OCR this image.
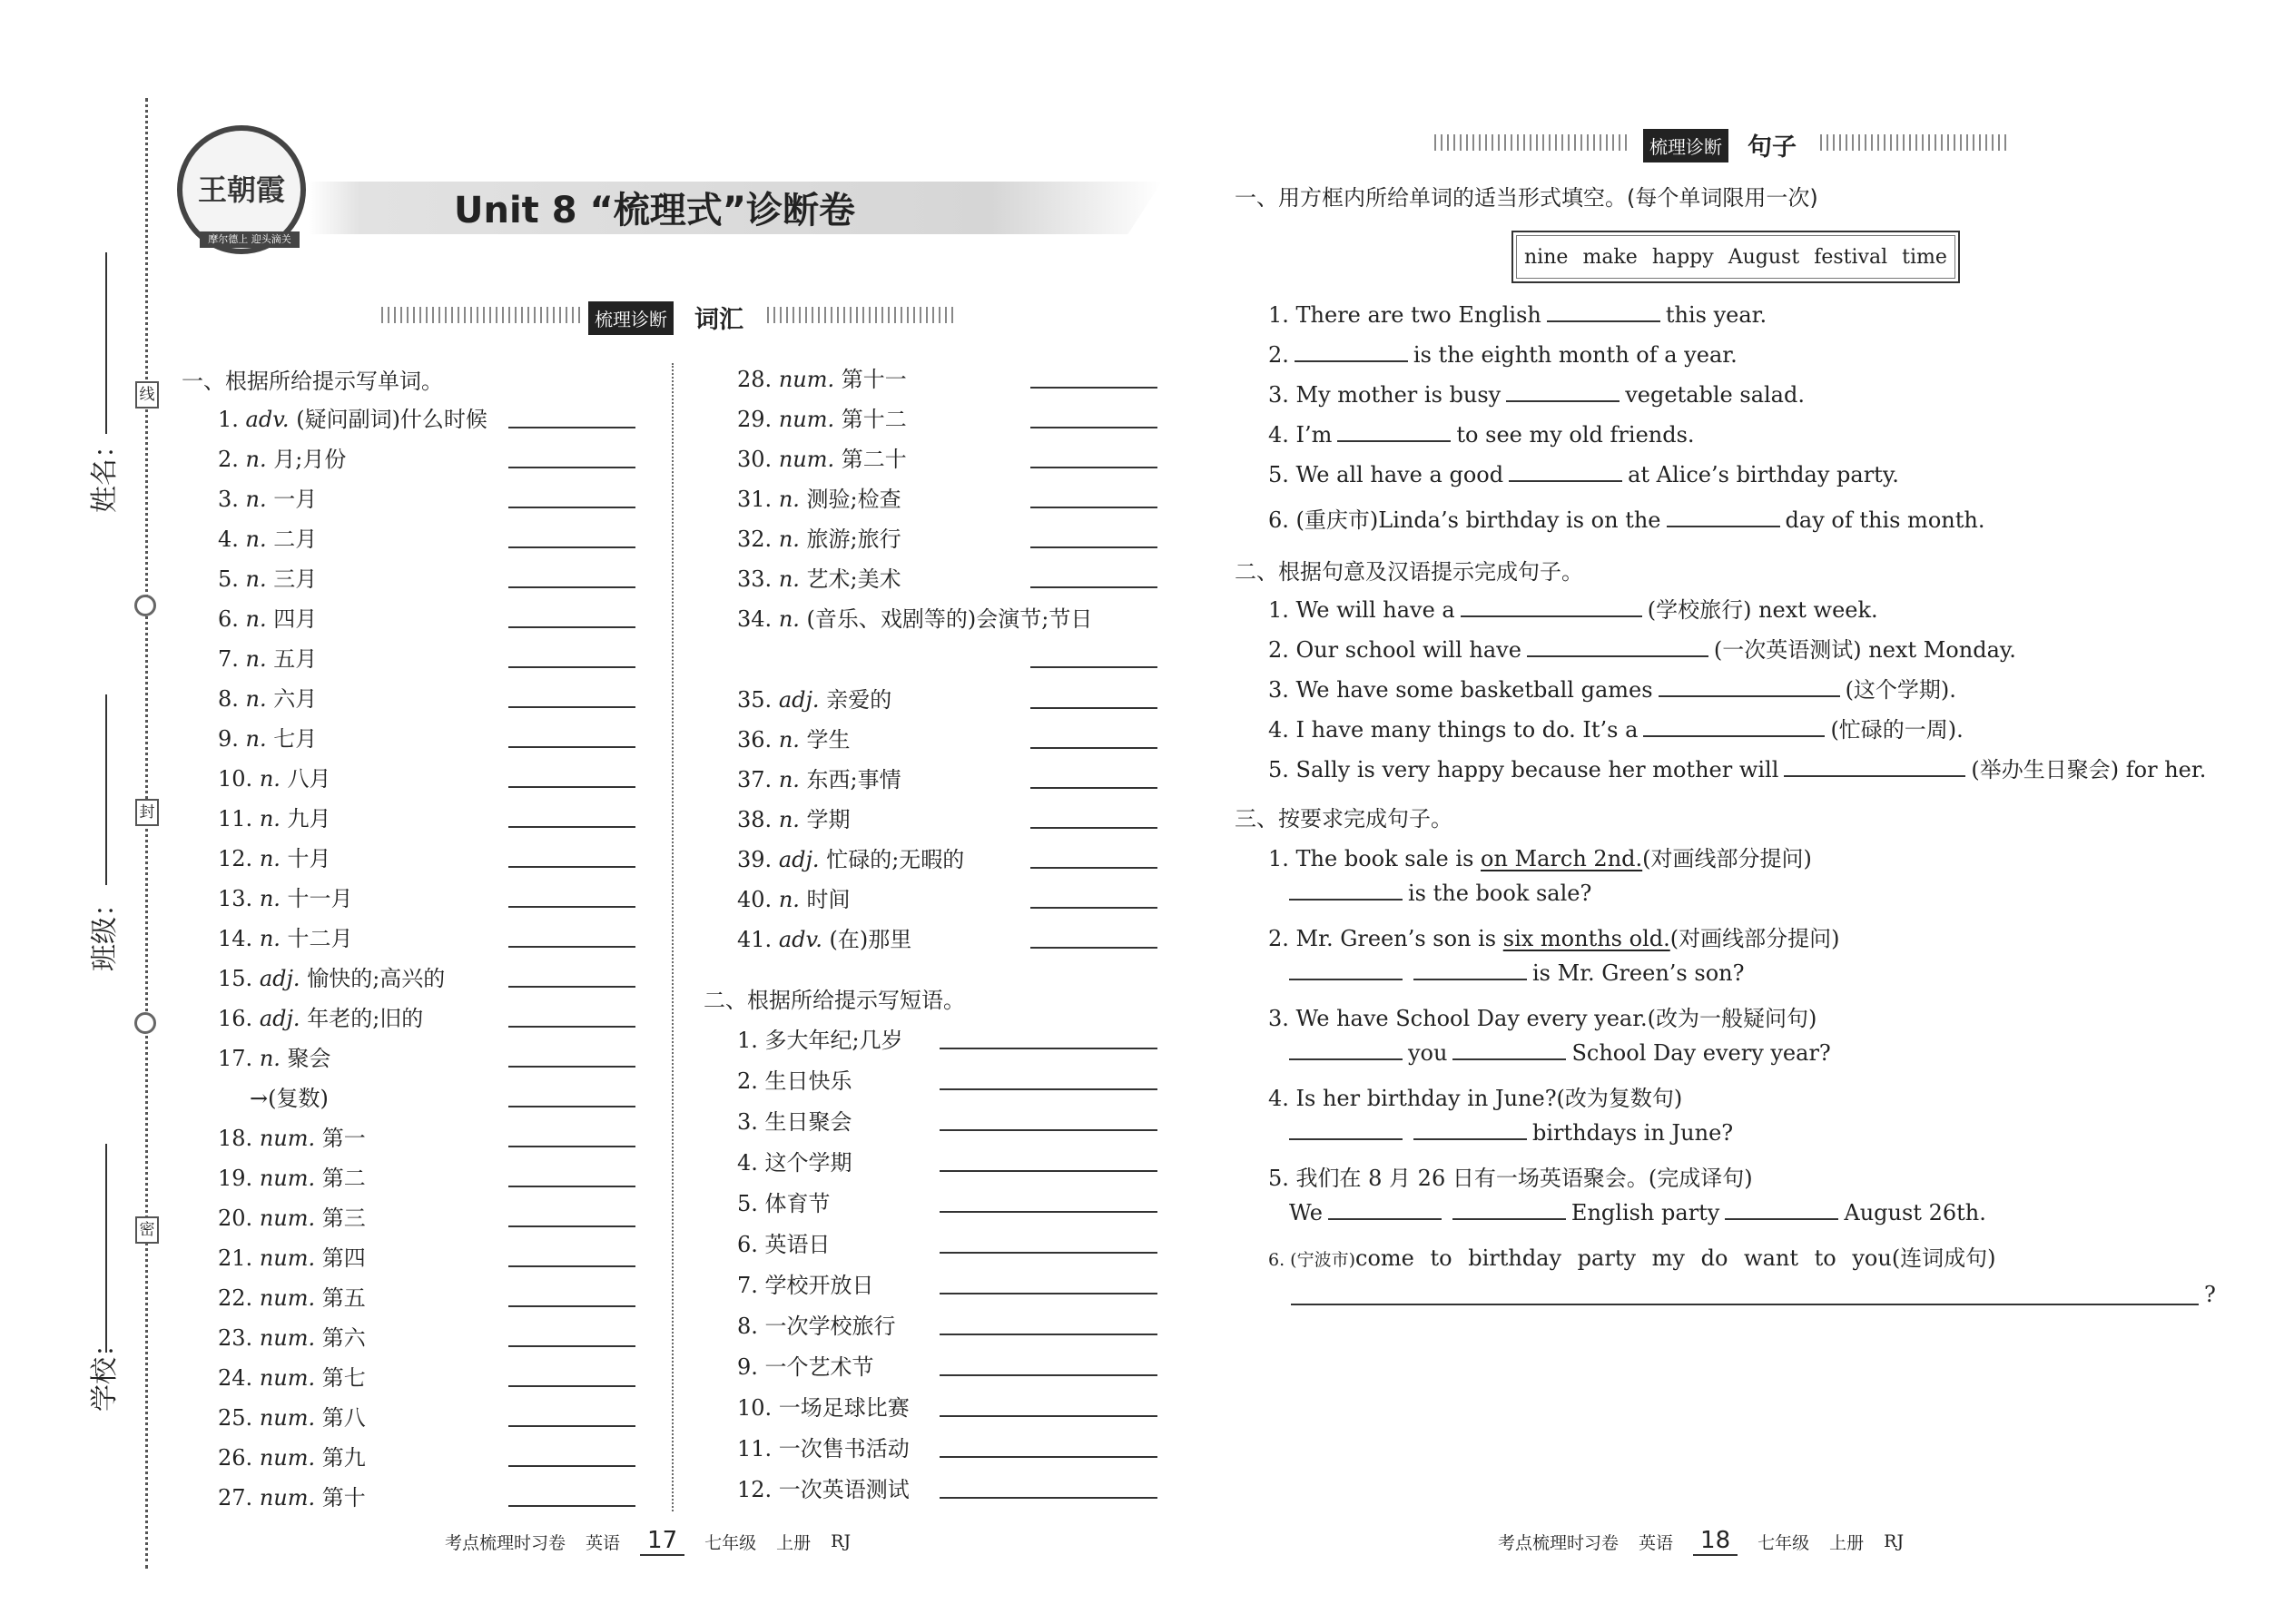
线
封
密
姓名：
班级：
学校：
王朝霞
摩尔德上 迎头滴关
Unit 8 “梳理式”诊断卷
梳理诊断 词汇
一、根据所给提示写单词。
1. adv. (疑问副词)什么时候
2. n. 月;月份
3. n. 一月
4. n. 二月
5. n. 三月
6. n. 四月
7. n. 五月
8. n. 六月
9. n. 七月
10. n. 八月
11. n. 九月
12. n. 十月
13. n. 十一月
14. n. 十二月
15. adj. 愉快的;高兴的
16. adj. 年老的;旧的
17. n. 聚会
→(复数)
18. num. 第一
19. num. 第二
20. num. 第三
21. num. 第四
22. num. 第五
23. num. 第六
24. num. 第七
25. num. 第八
26. num. 第九
27. num. 第十
28. num. 第十一
29. num. 第十二
30. num. 第二十
31. n. 测验;检查
32. n. 旅游;旅行
33. n. 艺术;美术
34. n. (音乐、戏剧等的)会演节;节日
35. adj. 亲爱的
36. n. 学生
37. n. 东西;事情
38. n. 学期
39. adj. 忙碌的;无暇的
40. n. 时间
41. adv. (在)那里
二、根据所给提示写短语。
1. 多大年纪;几岁
2. 生日快乐
3. 生日聚会
4. 这个学期
5. 体育节
6. 英语日
7. 学校开放日
8. 一次学校旅行
9. 一个艺术节
10. 一场足球比赛
11. 一次售书活动
12. 一次英语测试
梳理诊断 句子
一、用方框内所给单词的适当形式填空。(每个单词限用一次)
nine make happy August festival time
1. There are two English	this year.
2.	is the eighth month of a year.
3. My mother is busy	vegetable salad.
4. I’m	to see my old friends.
5. We all have a good	at Alice’s birthday party.
6. (重庆市)Linda’s birthday is on the	day of this month.
二、根据句意及汉语提示完成句子。
1. We will have a	(学校旅行) next week.
2. Our school will have	(一次英语测试) next Monday.
3. We have some basketball games	(这个学期).
4. I have many things to do. It’s a	(忙碌的一周).
5. Sally is very happy because her mother will	(举办生日聚会) for her.
三、按要求完成句子。
1. The book sale is on March 2nd.(对画线部分提问)
is the book sale?
2. Mr. Green’s son is six months old.(对画线部分提问)
is Mr. Green’s son?
3. We have School Day every year.(改为一般疑问句)
you	School Day every year?
4. Is her birthday in June?(改为复数句)
birthdays in June?
5. 我们在 8 月 26 日有一场英语聚会。(完成译句)
We	English party	August 26th.
6. (宁波市)come to birthday party my do want to you(连词成句)
?
考点梳理时习卷 英语	17	七年级 上册 RJ	考点梳理时习卷 英语	18	七年级 上册 RJ
